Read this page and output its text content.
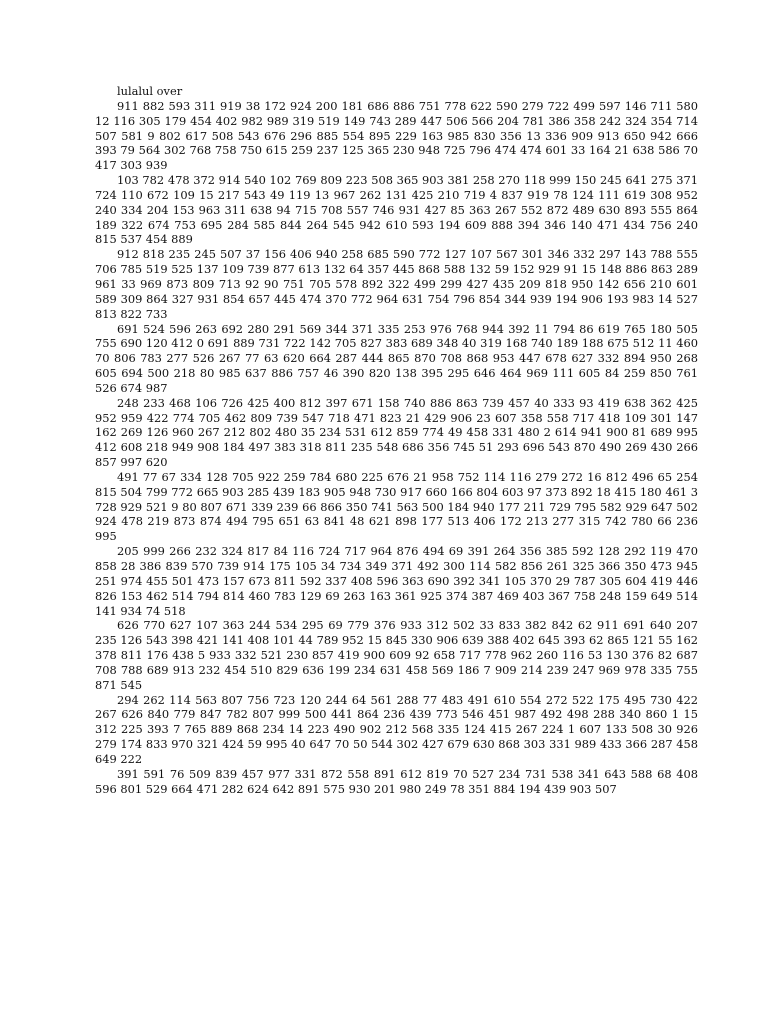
lulalul over

911 882 593 311 919 38 172 924 200 181 686 886 751 778 622 590 279 722 499 597 146 711 580 12 116 305 179 454 402 982 989 319 519 149 743 289 447 506 566 204 781 386 358 242 324 354 714 507 581 9 802 617 508 543 676 296 885 554 895 229 163 985 830 356 13 336 909 913 650 942 666 393 79 564 302 768 758 750 615 259 237 125 365 230 948 725 796 474 474 601 33 164 21 638 586 70 417 303 939

103 782 478 372 914 540 102 769 809 223 508 365 903 381 258 270 118 999 150 245 641 275 371 724 110 672 109 15 217 543 49 119 13 967 262 131 425 210 719 4 837 919 78 124 111 619 308 952 240 334 204 153 963 311 638 94 715 708 557 746 931 427 85 363 267 552 872 489 630 893 555 864 189 322 674 753 695 284 585 844 264 545 942 610 593 194 609 888 394 346 140 471 434 756 240 815 537 454 889

912 818 235 245 507 37 156 406 940 258 685 590 772 127 107 567 301 346 332 297 143 788 555 706 785 519 525 137 109 739 877 613 132 64 357 445 868 588 132 59 152 929 91 15 148 886 863 289 961 33 969 873 809 713 92 90 751 705 578 892 322 499 299 427 435 209 818 950 142 656 210 601 589 309 864 327 931 854 657 445 474 370 772 964 631 754 796 854 344 939 194 906 193 983 14 527 813 822 733

691 524 596 263 692 280 291 569 344 371 335 253 976 768 944 392 11 794 86 619 765 180 505 755 690 120 412 0 691 889 731 722 142 705 827 383 689 348 40 319 168 740 189 188 675 512 11 460 70 806 783 277 526 267 77 63 620 664 287 444 865 870 708 868 953 447 678 627 332 894 950 268 605 694 500 218 80 985 637 886 757 46 390 820 138 395 295 646 464 969 111 605 84 259 850 761 526 674 987

248 233 468 106 726 425 400 812 397 671 158 740 886 863 739 457 40 333 93 419 638 362 425 952 959 422 774 705 462 809 739 547 718 471 823 21 429 906 23 607 358 558 717 418 109 301 147 162 269 126 960 267 212 802 480 35 234 531 612 859 774 49 458 331 480 2 614 941 900 81 689 995 412 608 218 949 908 184 497 383 318 811 235 548 686 356 745 51 293 696 543 870 490 269 430 266 857 997 620

491 77 67 334 128 705 922 259 784 680 225 676 21 958 752 114 116 279 272 16 812 496 65 254 815 504 799 772 665 903 285 439 183 905 948 730 917 660 166 804 603 97 373 892 18 415 180 461 3 728 929 521 9 80 807 671 339 239 66 866 350 741 563 500 184 940 177 211 729 795 582 929 647 502 924 478 219 873 874 494 795 651 63 841 48 621 898 177 513 406 172 213 277 315 742 780 66 236 995

205 999 266 232 324 817 84 116 724 717 964 876 494 69 391 264 356 385 592 128 292 119 470 858 28 386 839 570 739 914 175 105 34 734 349 371 492 300 114 582 856 261 325 366 350 473 945 251 974 455 501 473 157 673 811 592 337 408 596 363 690 392 341 105 370 29 787 305 604 419 446 826 153 462 514 794 814 460 783 129 69 263 163 361 925 374 387 469 403 367 758 248 159 649 514 141 934 74 518

626 770 627 107 363 244 534 295 69 779 376 933 312 502 33 833 382 842 62 911 691 640 207 235 126 543 398 421 141 408 101 44 789 952 15 845 330 906 639 388 402 645 393 62 865 121 55 162 378 811 176 438 5 933 332 521 230 857 419 900 609 92 658 717 778 962 260 116 53 130 376 82 687 708 788 689 913 232 454 510 829 636 199 234 631 458 569 186 7 909 214 239 247 969 978 335 755 871 545

294 262 114 563 807 756 723 120 244 64 561 288 77 483 491 610 554 272 522 175 495 730 422 267 626 840 779 847 782 807 999 500 441 864 236 439 773 546 451 987 492 498 288 340 860 1 15 312 225 393 7 765 889 868 234 14 223 490 902 212 568 335 124 415 267 224 1 607 133 508 30 926 279 174 833 970 321 424 59 995 40 647 70 50 544 302 427 679 630 868 303 331 989 433 366 287 458 649 222

391 591 76 509 839 457 977 331 872 558 891 612 819 70 527 234 731 538 341 643 588 68 408 596 801 529 664 471 282 624 642 891 575 930 201 980 249 78 351 884 194 439 903 507
